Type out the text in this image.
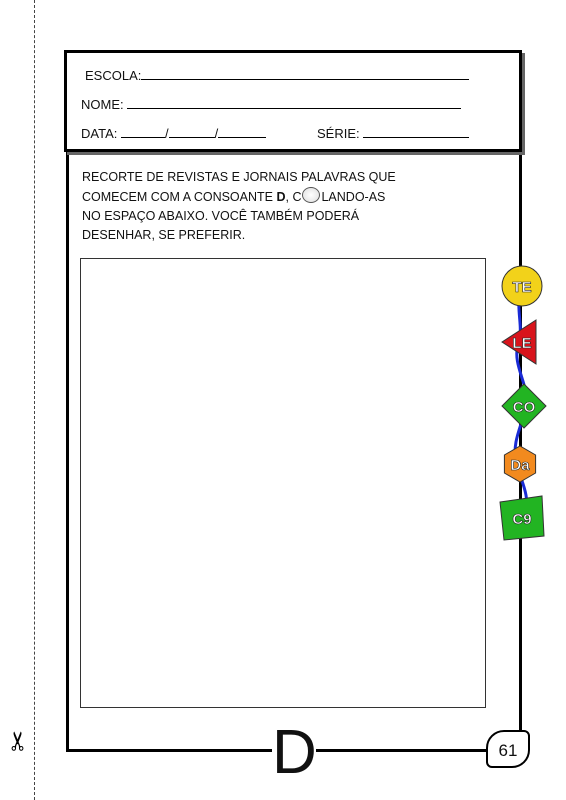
✂	D	61
ESCOLA:
NOME:
DATA:	/	/	SÉRIE:

RECORTE DE REVISTAS E JORNAIS PALAVRAS QUE

COMECEM COM A CONSOANTE D, C LANDO-AS

NO ESPAÇO ABAIXO. VOCÊ TAMBÉM PODERÁ

DESENHAR, SE PREFERIR.

TE
LE
CO
Da
C9
